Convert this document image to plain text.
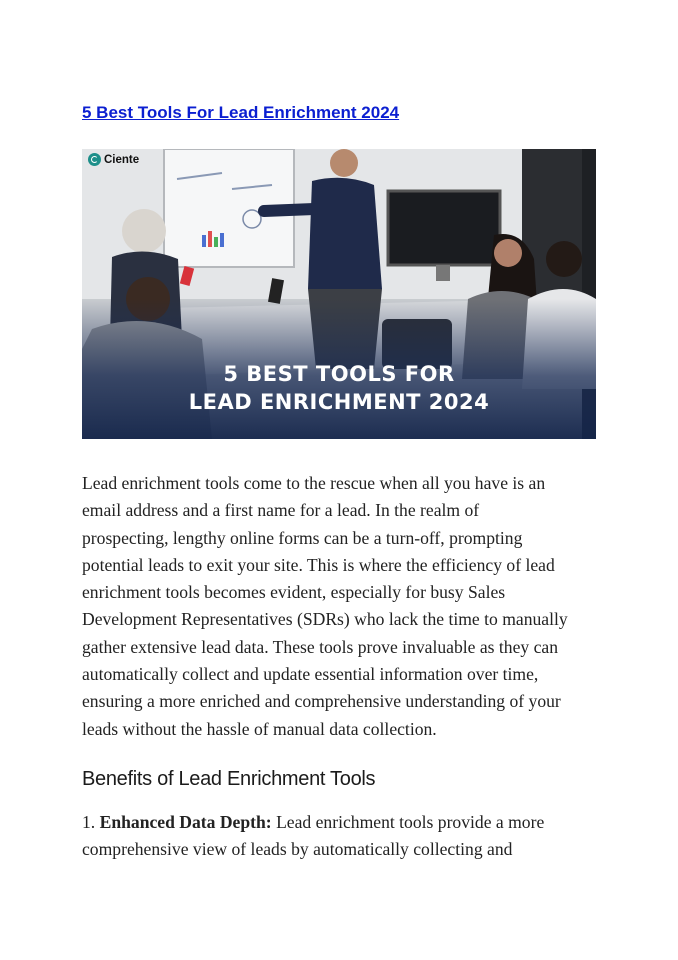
5 Best Tools For Lead Enrichment 2024
Ciente
5 BEST TOOLS FOR
LEAD ENRICHMENT 2024
Lead enrichment tools come to the rescue when all you have is an
email address and a first name for a lead. In the realm of
prospecting, lengthy online forms can be a turn-off, prompting
potential leads to exit your site. This is where the efficiency of lead
enrichment tools becomes evident, especially for busy Sales
Development Representatives (SDRs) who lack the time to manually
gather extensive lead data. These tools prove invaluable as they can
automatically collect and update essential information over time,
ensuring a more enriched and comprehensive understanding of your
leads without the hassle of manual data collection.
Benefits of Lead Enrichment Tools
1. Enhanced Data Depth: Lead enrichment tools provide a more
comprehensive view of leads by automatically collecting and
